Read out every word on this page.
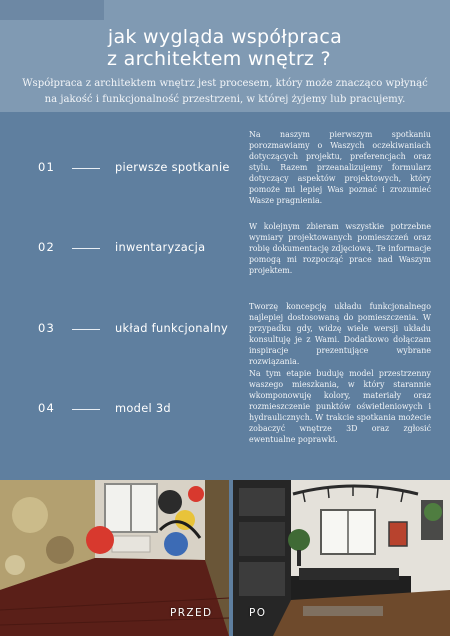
jak wygląda współpraca
z architektem wnętrz ?
Współpraca z architektem wnętrz jest procesem, który może znacząco wpłynąć na jakość i funkcjonalność przestrzeni, w której żyjemy lub pracujemy.
01	pierwsze spotkanie
Na naszym pierwszym spotkaniu porozmawiamy o Waszych oczekiwaniach dotyczących projektu, preferencjach oraz stylu. Razem przeanalizujemy formularz dotyczący aspektów projektowych, który pomoże mi lepiej Was poznać i zrozumieć Wasze pragnienia.
02	inwentaryzacja
W kolejnym zbieram wszystkie potrzebne wymiary projektowanych pomieszczeń oraz robię dokumentację zdjęciową. Te informacje pomogą mi rozpocząć prace nad Waszym projektem.
03	układ funkcjonalny
Tworzę koncepcję układu funkcjonalnego najlepiej dostosowaną do pomieszczenia. W przypadku gdy, widzę wiele wersji układu konsultuję je z Wami. Dodatkowo dołączam inspiracje prezentujące wybrane rozwiązania.
04	model 3d
Na tym etapie buduję model przestrzenny waszego mieszkania, w który starannie wkomponowuję kolory, materiały oraz rozmieszczenie punktów oświetleniowych i hydraulicznych. W trakcie spotkania możecie zobaczyć wnętrze 3D oraz zgłosić ewentualne poprawki.
PRZED	PO
